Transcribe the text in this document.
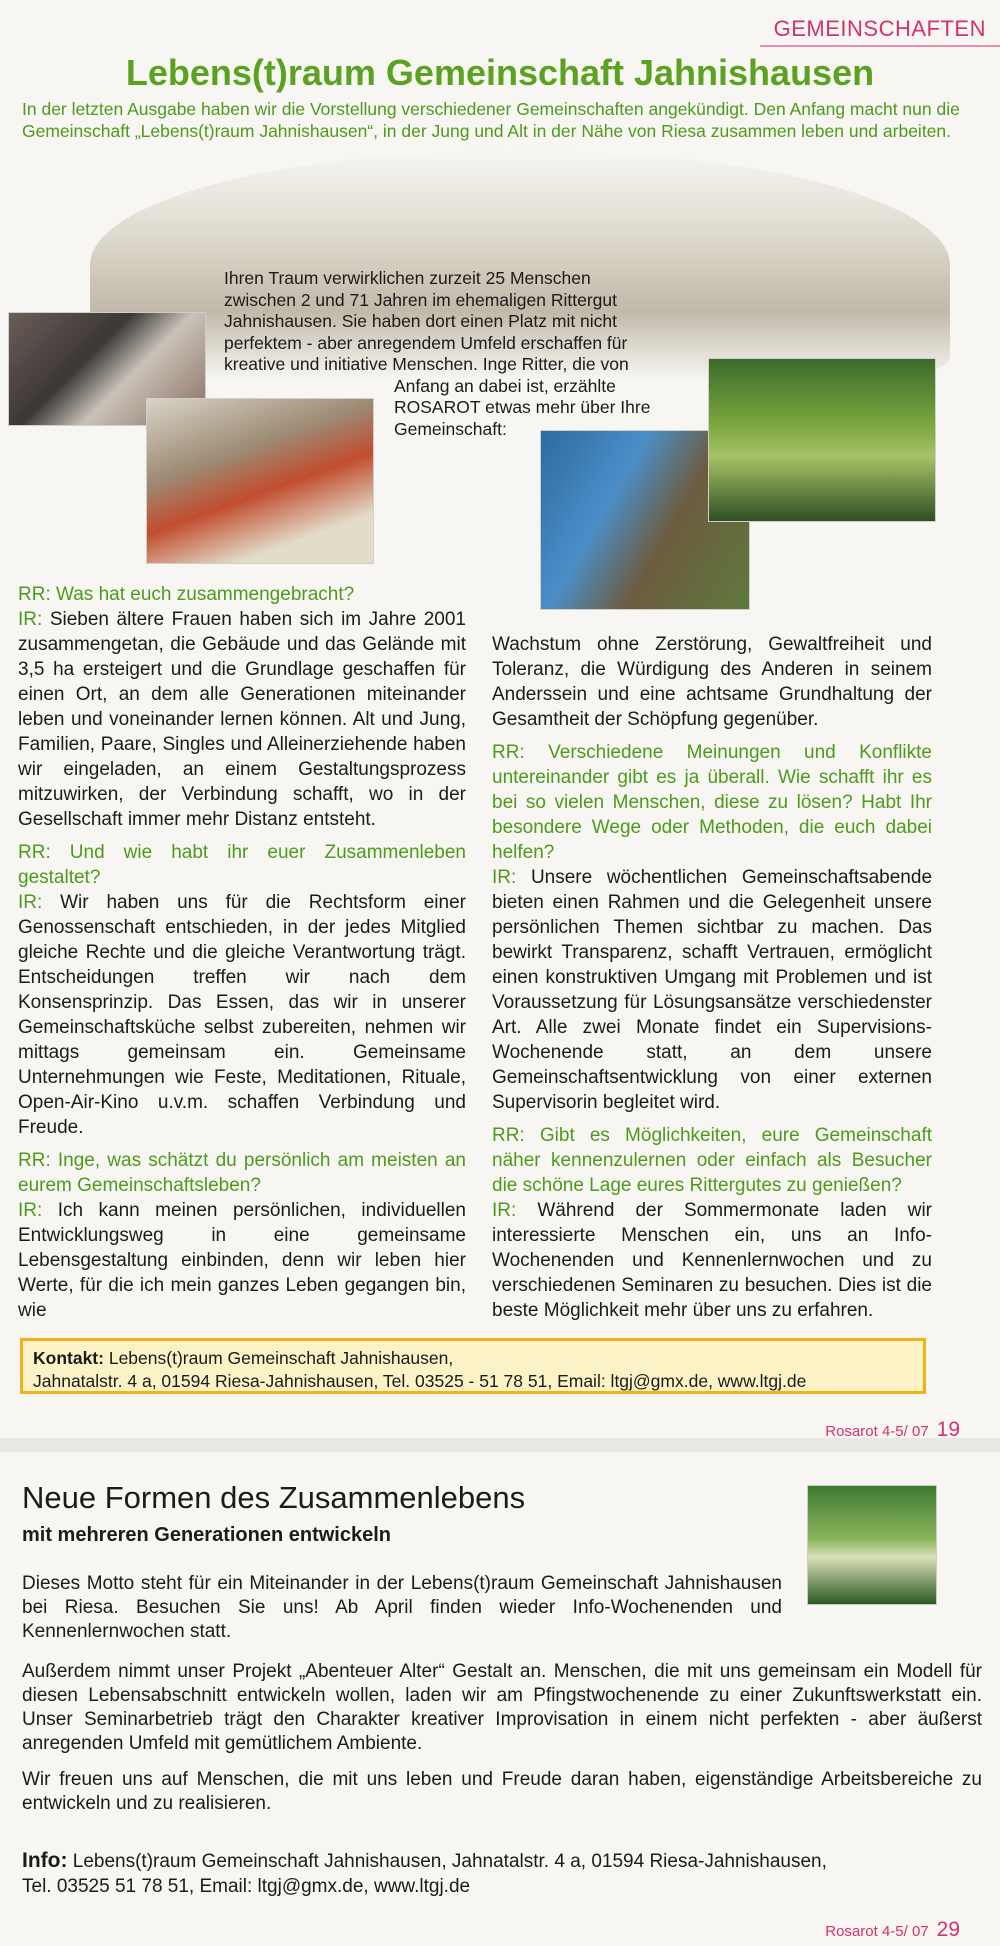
GEMEINSCHAFTEN
Lebens(t)raum Gemeinschaft Jahnishausen
In der letzten Ausgabe haben wir die Vorstellung verschiedener Gemeinschaften angekündigt. Den Anfang macht nun die Gemeinschaft „Lebens(t)raum Jahnishausen“, in der Jung und Alt in der Nähe von Riesa zusammen leben und arbeiten.
Ihren Traum verwirklichen zurzeit 25 Menschen
zwischen 2 und 71 Jahren im ehemaligen Rittergut
Jahnishausen. Sie haben dort einen Platz mit nicht
perfektem - aber anregendem Umfeld erschaffen für
kreative und initiative Menschen. Inge Ritter, die von
Anfang an dabei ist, erzählte
ROSAROT etwas mehr über Ihre
Gemeinschaft:

RR: Was hat euch zusammengebracht?

IR: Sieben ältere Frauen haben sich im Jahre 2001 zusammengetan, die Gebäude und das Gelände mit 3,5 ha ersteigert und die Grundlage geschaffen für einen Ort, an dem alle Generationen miteinander leben und voneinander lernen können. Alt und Jung, Familien, Paare, Singles und Alleinerziehende haben wir eingeladen, an einem Gestaltungsprozess mitzuwirken, der Verbindung schafft, wo in der Gesellschaft immer mehr Distanz entsteht.

RR: Und wie habt ihr euer Zusammenleben gestaltet?

IR: Wir haben uns für die Rechtsform einer Genossenschaft entschieden, in der jedes Mitglied gleiche Rechte und die gleiche Verantwortung trägt. Entscheidungen treffen wir nach dem Konsensprinzip. Das Essen, das wir in unserer Gemeinschaftsküche selbst zubereiten, nehmen wir mittags gemeinsam ein. Gemeinsame Unternehmungen wie Feste, Meditationen, Rituale, Open-Air-Kino u.v.m. schaffen Verbindung und Freude.

RR: Inge, was schätzt du persönlich am meisten an eurem Gemeinschaftsleben?

IR: Ich kann meinen persönlichen, individuellen Entwicklungsweg in eine gemeinsame Lebensgestaltung einbinden, denn wir leben hier Werte, für die ich mein ganzes Leben gegangen bin, wie

Wachstum ohne Zerstörung, Gewaltfreiheit und Toleranz, die Würdigung des Anderen in seinem Anderssein und eine achtsame Grundhaltung der Gesamtheit der Schöpfung gegenüber.

RR: Verschiedene Meinungen und Konflikte untereinander gibt es ja überall. Wie schafft ihr es bei so vielen Menschen, diese zu lösen? Habt Ihr besondere Wege oder Methoden, die euch dabei helfen?

IR: Unsere wöchentlichen Gemeinschaftsabende bieten einen Rahmen und die Gelegenheit unsere persönlichen Themen sichtbar zu machen. Das bewirkt Transparenz, schafft Vertrauen, ermöglicht einen konstruktiven Umgang mit Problemen und ist Voraussetzung für Lösungsansätze verschiedenster Art. Alle zwei Monate findet ein Supervisions-Wochenende statt, an dem unsere Gemeinschaftsentwicklung von einer externen Supervisorin begleitet wird.

RR: Gibt es Möglichkeiten, eure Gemeinschaft näher kennenzulernen oder einfach als Besucher die schöne Lage eures Rittergutes zu genießen?

IR: Während der Sommermonate laden wir interessierte Menschen ein, uns an Info-Wochenenden und Kennenlernwochen und zu verschiedenen Seminaren zu besuchen. Dies ist die beste Möglichkeit mehr über uns zu erfahren.

Kontakt: Lebens(t)raum Gemeinschaft Jahnishausen,
Jahnatalstr. 4 a, 01594 Riesa-Jahnishausen, Tel. 03525 - 51 78 51, Email: ltgj@gmx.de, www.ltgj.de
Rosarot 4-5/ 07 19
Neue Formen des Zusammenlebens
mit mehreren Generationen entwickeln
Dieses Motto steht für ein Miteinander in der Lebens(t)raum Gemeinschaft Jahnishausen bei Riesa. Besuchen Sie uns! Ab April finden wieder Info-Wochenenden und Kennenlernwochen statt.
Außerdem nimmt unser Projekt „Abenteuer Alter“ Gestalt an. Menschen, die mit uns gemeinsam ein Modell für diesen Lebensabschnitt entwickeln wollen, laden wir am Pfingstwochenende zu einer Zukunftswerkstatt ein. Unser Seminarbetrieb trägt den Charakter kreativer Improvisation in einem nicht perfekten - aber äußerst anregenden Umfeld mit gemütlichem Ambiente.
Wir freuen uns auf Menschen, die mit uns leben und Freude daran haben, eigenständige Arbeitsbereiche zu entwickeln und zu realisieren.
Info: Lebens(t)raum Gemeinschaft Jahnishausen, Jahnatalstr. 4 a, 01594 Riesa-Jahnishausen,
Tel. 03525 51 78 51, Email: ltgj@gmx.de, www.ltgj.de
Rosarot 4-5/ 07 29
